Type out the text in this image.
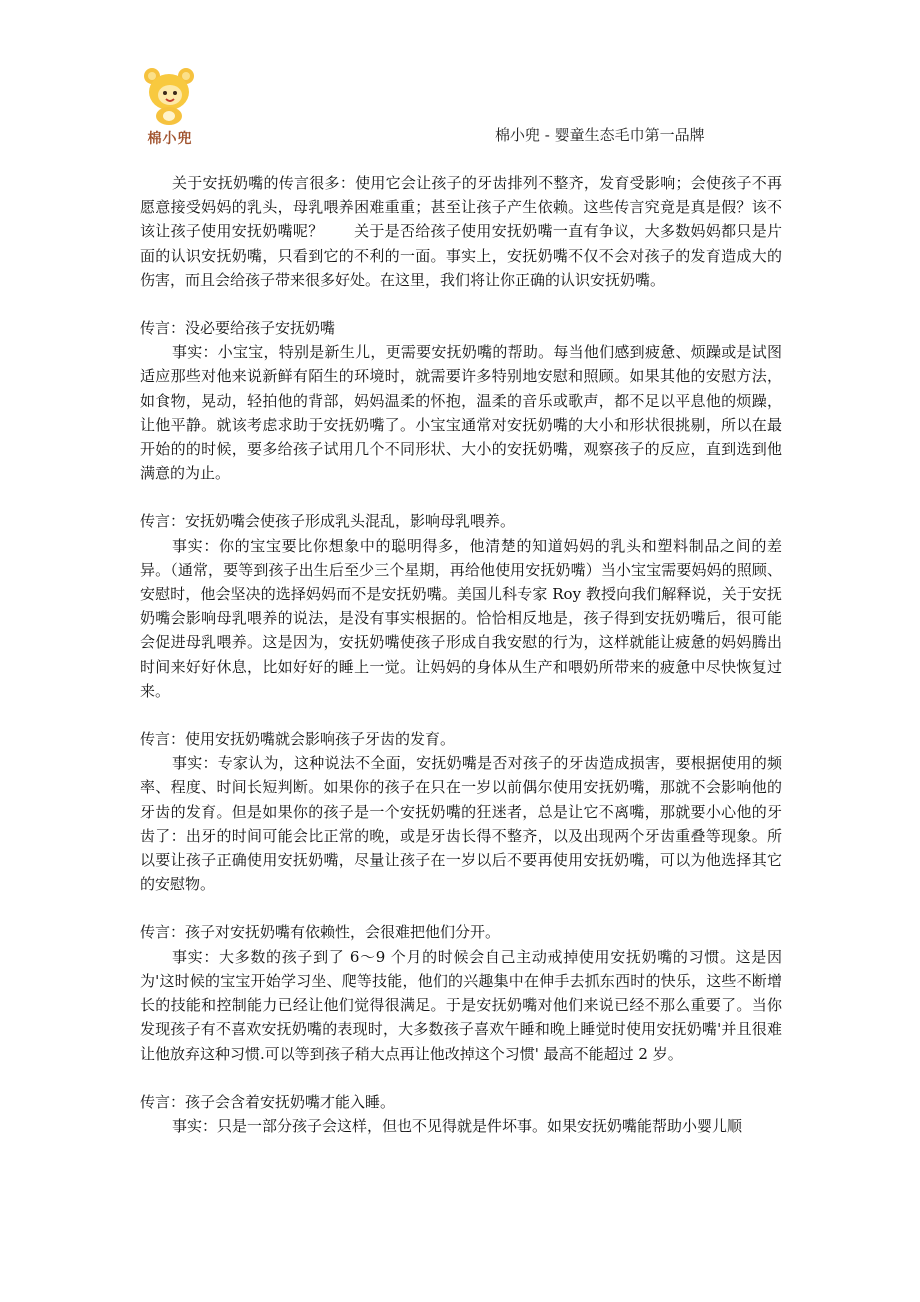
棉小兜	棉小兜 - 婴童生态毛巾第一品牌

关于安抚奶嘴的传言很多：使用它会让孩子的牙齿排列不整齐，发育受影响；会使孩子不再愿意接受妈妈的乳头，母乳喂养困难重重；甚至让孩子产生依赖。这些传言究竟是真是假？该不该让孩子使用安抚奶嘴呢？　　关于是否给孩子使用安抚奶嘴一直有争议，大多数妈妈都只是片面的认识安抚奶嘴，只看到它的不利的一面。事实上，安抚奶嘴不仅不会对孩子的发育造成大的伤害，而且会给孩子带来很多好处。在这里，我们将让你正确的认识安抚奶嘴。

传言：没必要给孩子安抚奶嘴

事实：小宝宝，特别是新生儿，更需要安抚奶嘴的帮助。每当他们感到疲惫、烦躁或是试图适应那些对他来说新鲜有陌生的环境时，就需要许多特别地安慰和照顾。如果其他的安慰方法，如食物，晃动，轻拍他的背部，妈妈温柔的怀抱，温柔的音乐或歌声，都不足以平息他的烦躁，让他平静。就该考虑求助于安抚奶嘴了。小宝宝通常对安抚奶嘴的大小和形状很挑剔，所以在最开始的的时候，要多给孩子试用几个不同形状、大小的安抚奶嘴，观察孩子的反应，直到选到他满意的为止。

传言：安抚奶嘴会使孩子形成乳头混乱，影响母乳喂养。

事实：你的宝宝要比你想象中的聪明得多，他清楚的知道妈妈的乳头和塑料制品之间的差异。（通常，要等到孩子出生后至少三个星期，再给他使用安抚奶嘴）当小宝宝需要妈妈的照顾、安慰时，他会坚决的选择妈妈而不是安抚奶嘴。美国儿科专家 Roy 教授向我们解释说，关于安抚奶嘴会影响母乳喂养的说法，是没有事实根据的。恰恰相反地是，孩子得到安抚奶嘴后，很可能会促进母乳喂养。这是因为，安抚奶嘴使孩子形成自我安慰的行为，这样就能让疲惫的妈妈腾出时间来好好休息，比如好好的睡上一觉。让妈妈的身体从生产和喂奶所带来的疲惫中尽快恢复过来。

传言：使用安抚奶嘴就会影响孩子牙齿的发育。

事实：专家认为，这种说法不全面，安抚奶嘴是否对孩子的牙齿造成损害，要根据使用的频率、程度、时间长短判断。如果你的孩子在只在一岁以前偶尔使用安抚奶嘴，那就不会影响他的牙齿的发育。但是如果你的孩子是一个安抚奶嘴的狂迷者，总是让它不离嘴，那就要小心他的牙齿了：出牙的时间可能会比正常的晚，或是牙齿长得不整齐，以及出现两个牙齿重叠等现象。所以要让孩子正确使用安抚奶嘴，尽量让孩子在一岁以后不要再使用安抚奶嘴，可以为他选择其它的安慰物。

传言：孩子对安抚奶嘴有依赖性，会很难把他们分开。

事实：大多数的孩子到了 6～9 个月的时候会自己主动戒掉使用安抚奶嘴的习惯。这是因为'这时候的宝宝开始学习坐、爬等技能，他们的兴趣集中在伸手去抓东西时的快乐，这些不断增长的技能和控制能力已经让他们觉得很满足。于是安抚奶嘴对他们来说已经不那么重要了。当你发现孩子有不喜欢安抚奶嘴的表现时，大多数孩子喜欢午睡和晚上睡觉时使用安抚奶嘴'并且很难让他放弃这种习惯.可以等到孩子稍大点再让他改掉这个习惯' 最高不能超过 2 岁。

传言：孩子会含着安抚奶嘴才能入睡。

事实：只是一部分孩子会这样，但也不见得就是件坏事。如果安抚奶嘴能帮助小婴儿顺
